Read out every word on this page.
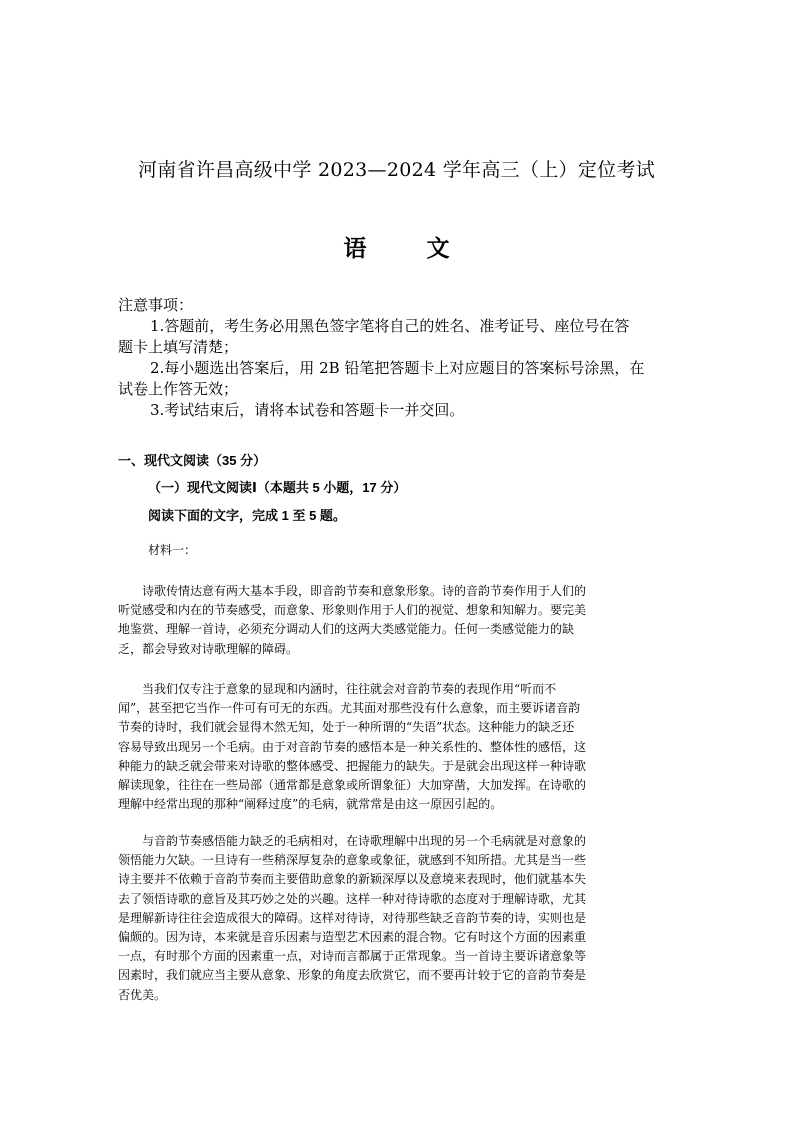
河南省许昌高级中学 2023—2024 学年高三（上）定位考试
语	文

注意事项：

1.答题前，考生务必用黑色签字笔将自己的姓名、准考证号、座位号在答

题卡上填写清楚；

2.每小题选出答案后，用 2B 铅笔把答题卡上对应题目的答案标号涂黑，在

试卷上作答无效；

3.考试结束后，请将本试卷和答题卡一并交回。

一、现代文阅读（35 分）
（一）现代文阅读Ⅰ（本题共 5 小题，17 分）
阅读下面的文字，完成 1 至 5 题。
材料一：
　　诗歌传情达意有两大基本手段，即音韵节奏和意象形象。诗的音韵节奏作用于人们的
听觉感受和内在的节奏感受，而意象、形象则作用于人们的视觉、想象和知解力。要完美
地鉴赏、理解一首诗，必须充分调动人们的这两大类感觉能力。任何一类感觉能力的缺
乏，都会导致对诗歌理解的障碍。
　　当我们仅专注于意象的显现和内涵时，往往就会对音韵节奏的表现作用“听而不
闻”，甚至把它当作一件可有可无的东西。尤其面对那些没有什么意象，而主要诉诸音韵
节奏的诗时，我们就会显得木然无知，处于一种所谓的“失语”状态。这种能力的缺乏还
容易导致出现另一个毛病。由于对音韵节奏的感悟本是一种关系性的、整体性的感悟，这
种能力的缺乏就会带来对诗歌的整体感受、把握能力的缺失。于是就会出现这样一种诗歌
解读现象，往往在一些局部（通常都是意象或所谓象征）大加穿凿，大加发挥。在诗歌的
理解中经常出现的那种“阐释过度”的毛病，就常常是由这一原因引起的。
　　与音韵节奏感悟能力缺乏的毛病相对，在诗歌理解中出现的另一个毛病就是对意象的
领悟能力欠缺。一旦诗有一些稍深厚复杂的意象或象征，就感到不知所措。尤其是当一些
诗主要并不依赖于音韵节奏而主要借助意象的新颖深厚以及意境来表现时，他们就基本失
去了领悟诗歌的意旨及其巧妙之处的兴趣。这样一种对待诗歌的态度对于理解诗歌，尤其
是理解新诗往往会造成很大的障碍。这样对待诗，对待那些缺乏音韵节奏的诗，实则也是
偏颇的。因为诗，本来就是音乐因素与造型艺术因素的混合物。它有时这个方面的因素重
一点，有时那个方面的因素重一点，对诗而言都属于正常现象。当一首诗主要诉诸意象等
因素时，我们就应当主要从意象、形象的角度去欣赏它，而不要再计较于它的音韵节奏是
否优美。
